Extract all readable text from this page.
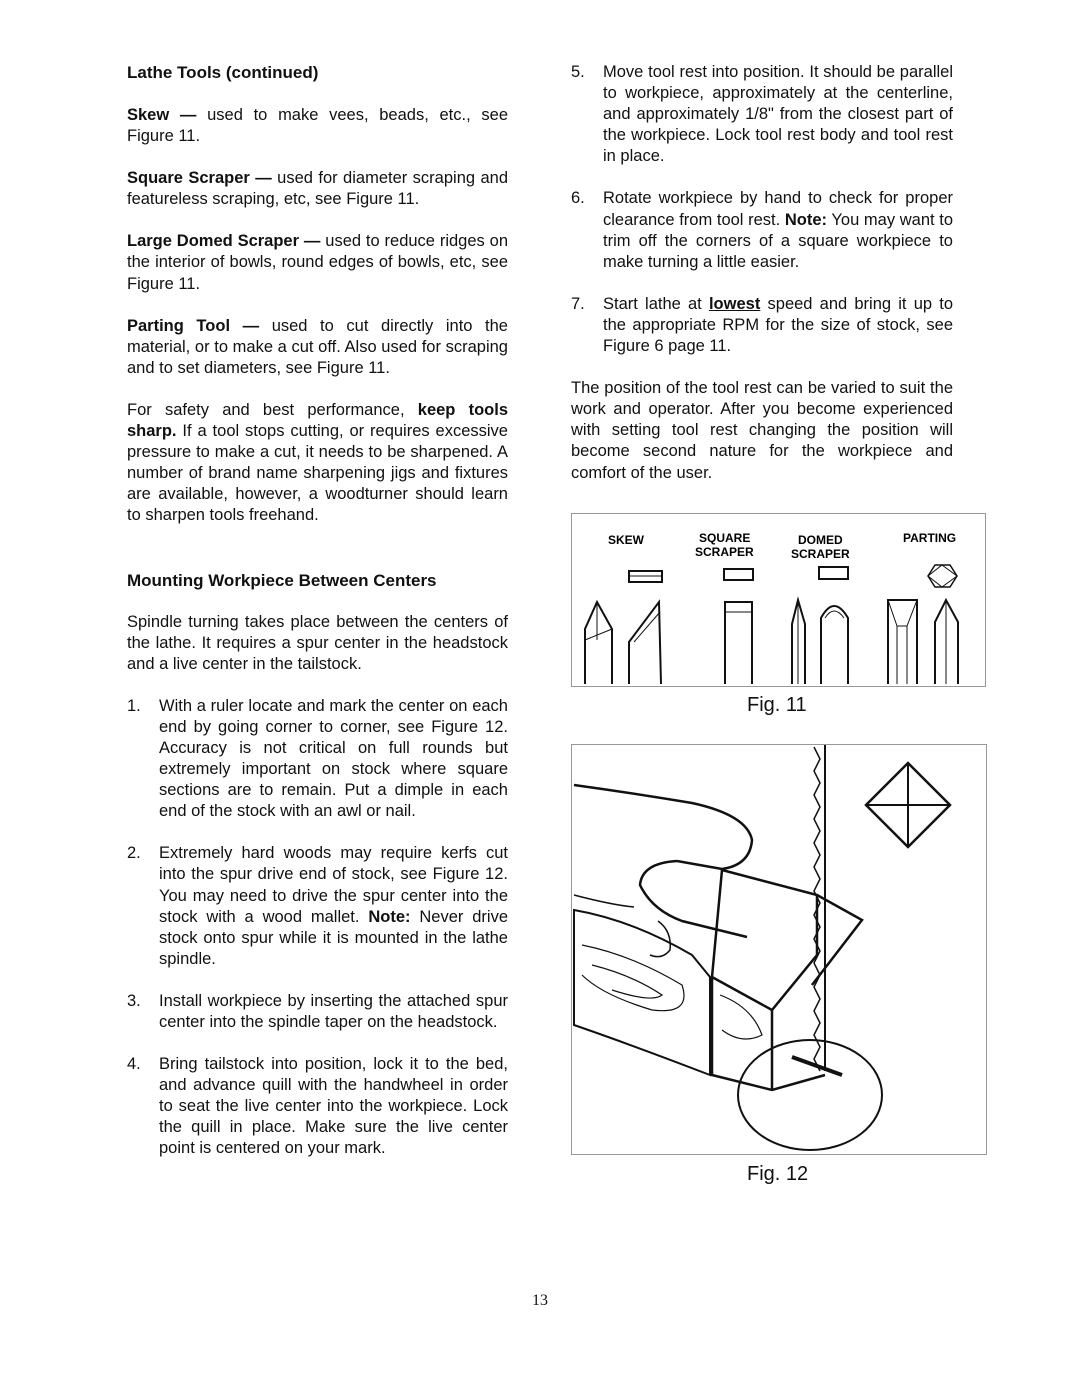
Lathe Tools (continued)

Skew — used to make vees, beads, etc., see Figure 11.

Square Scraper — used for diameter scraping and featureless scraping, etc, see Figure 11.

Large Domed Scraper — used to reduce ridges on the interior of bowls, round edges of bowls, etc, see Figure 11.

Parting Tool — used to cut directly into the material, or to make a cut off. Also used for scraping and to set diameters, see Figure 11.

For safety and best performance, keep tools sharp. If a tool stops cutting, or requires excessive pressure to make a cut, it needs to be sharpened. A number of brand name sharpening jigs and fixtures are available, however, a woodturner should learn to sharpen tools freehand.

Mounting Workpiece Between Centers

Spindle turning takes place between the centers of the lathe. It requires a spur center in the headstock and a live center in the tailstock.

1. With a ruler locate and mark the center on each end by going corner to corner, see Figure 12. Accuracy is not critical on full rounds but extremely important on stock where square sections are to remain. Put a dimple in each end of the stock with an awl or nail.
2. Extremely hard woods may require kerfs cut into the spur drive end of stock, see Figure 12. You may need to drive the spur center into the stock with a wood mallet. Note: Never drive stock onto spur while it is mounted in the lathe spindle.
3. Install workpiece by inserting the attached spur center into the spindle taper on the headstock.
4. Bring tailstock into position, lock it to the bed, and advance quill with the handwheel in order to seat the live center into the workpiece. Lock the quill in place. Make sure the live center point is centered on your mark.
5. Move tool rest into position. It should be parallel to workpiece, approximately at the centerline, and approximately 1/8" from the closest part of the workpiece. Lock tool rest body and tool rest in place.
6. Rotate workpiece by hand to check for proper clearance from tool rest. Note: You may want to trim off the corners of a square workpiece to make turning a little easier.
7. Start lathe at lowest speed and bring it up to the appropriate RPM for the size of stock, see Figure 6 page 11.

The position of the tool rest can be varied to suit the work and operator. After you become experienced with setting tool rest changing the position will become second nature for the workpiece and comfort of the user.

SKEW	SQUARE
SCRAPER
DOMED
SCRAPER
PARTING
Fig. 11
Fig. 12
13
